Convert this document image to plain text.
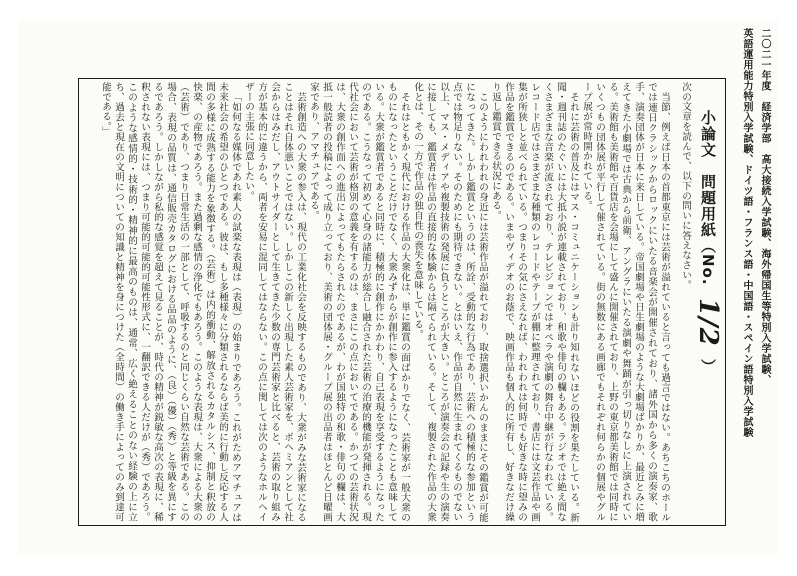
小論文　問題用紙（No. 1/2 ）	二〇二一年度　経済学部　高大接続入学試験、海外帰国生等特別入学試験、
英語運用能力特別入学試験、ドイツ語・フランス語・中国語・スペイン語特別入学試験

次の文章を読んで、以下の問いに答えなさい。

当節、例えば日本の首都東京には芸術が溢れていると言っても過言ではない。あちこちのホールでは連日クラシックからロックにいたる音楽会が開催されており、諸外国から多くの演奏家、歌手、演奏団体が日本に来日している。帝国劇場や日生劇場のような大劇場ばかりか、最近とみに増えてきた小劇場では古典から前衛、アングラにいたる演劇や舞踊が引っ切りなしに上演されている。美術館も美術館や百貨店を会場にして盛んに開催されており、上野の東京都美術館では同時にいくつもの団体展が平行して催されている。街の無数にある画廊でもそれぞれ何らかの個展やグループ展が常時開かれている。

それに芸術の普及にはマス・コミュニケーションも計り知れないほどの役割を果たしている。新聞・週刊誌のたぐいには大抵小説が連載されており、和歌や俳句の欄もある。ラジオでは絶え間なくさまざまな音楽が流されており、テレビジョンではオペラや演劇の舞台中継が行なわれている。レコード店ではさまざまな種類のレコードやテープが棚に整理されており、書店には文芸作品や画集が所狭しと並べられている。つまりその気にさえなれば、われわれは何時でも好きな時に望みの作品を鑑賞できるのである。いまやヴィデオのお蔭で、映画作品も個人的に所有し、好きなだけ繰り返し鑑賞できる状況にある。

このようにわれわれの身近には芸術作品が溢れており、取捨選択いかんのままにその鑑賞が可能になってきた。しかし鑑賞というのは、所詮、受動的な行為であり、芸術への積極的な参加という点では物足りない。そのためにも期待できない。とはいえ、作品が自然に生まれてくるものでない以上、マス・メディアや複製技術の発展に負うところが大きい。ところが演奏会の記録や生の演奏に接しても、鑑賞者は作品の直接的な体験からは隔てられている。そして、複製された作品の大衆化とは、その一方で作品の独自性の喪失を意味している。

それはともかく現代における作品の大衆化は、単に鑑賞の面ばかりでなく、芸術家が一般大衆のものになったということだけでなく、大衆みずからが創作に参入するようになったことも意味している。大衆が鑑賞者であると同時に、積極的に創作にかかわり、自己表現を享受するようになったのである。こうなって初めて心身の諸能力が総合し融合された芸術の治療的機能が発揮される。現代社会において芸術が格別の意義を有するのは、まさにこの点においてである。かつての芸術状況は、大衆の創作面への進出によってもたらされたのであるが、わが国独特の和歌・俳句の欄は、大抵一般読者の投稿によって成り立っており、美術の団体展・グループ展の出品者はほとんど日曜画家であり、アマチュアである。

芸術創造への大衆の参入は、現代の工業化社会を反映するものであり、大衆がみな芸術家になることはそれ自体悪いことではない。しかしこの新しく出現した素人芸術家を、ボヘミアンとして社会からはみだし、アウトサイダーとして生きてきた少数の専門芸術家と比べると、芸術の取り組み方が基本的に違うから、両者を安易に混同してはならない。この点に関しては次のようなホルヘイザーの主張に同意したい。

「如何なる媒体であれ素人の試楽な表現は（表現）の始まりであろう。これがためアマチュアは未来社会の希望のひとつである。彼は、もし多種様々に分類されるならば美的に行動し反応する人間の多様に成熟する能力を象徴する。（芸術）は内的衝動、解放されるカタルシス、抑制と釈放の快楽、の産物であろう。また過剰な感情の浄化でもあろう。このような表現は、大衆による大衆の（芸術）であり、つまり日常生活の一部として、呼吸するのと同じくらい自然な芸術である。この場合、表現の品質は、通信販売カタログにおける品品のように、（良）（優）（秀）と等級を異にするであろう。しかしながら私的な感覚を超えて見ることが、時代の精神が鋭敏な高次の表現に、稀釈されない表現には、つまり可能的可能的可能性形式に、一翻訳できる人だけが（秀）であろう。このような感情的・技術的・精神的に最高のものは、通常、広く絶えることのない経験の上に立ち、過去と現在の文明についての知識と精神を身につけた（全時間）の働き手によってのみ到達可能である。」
